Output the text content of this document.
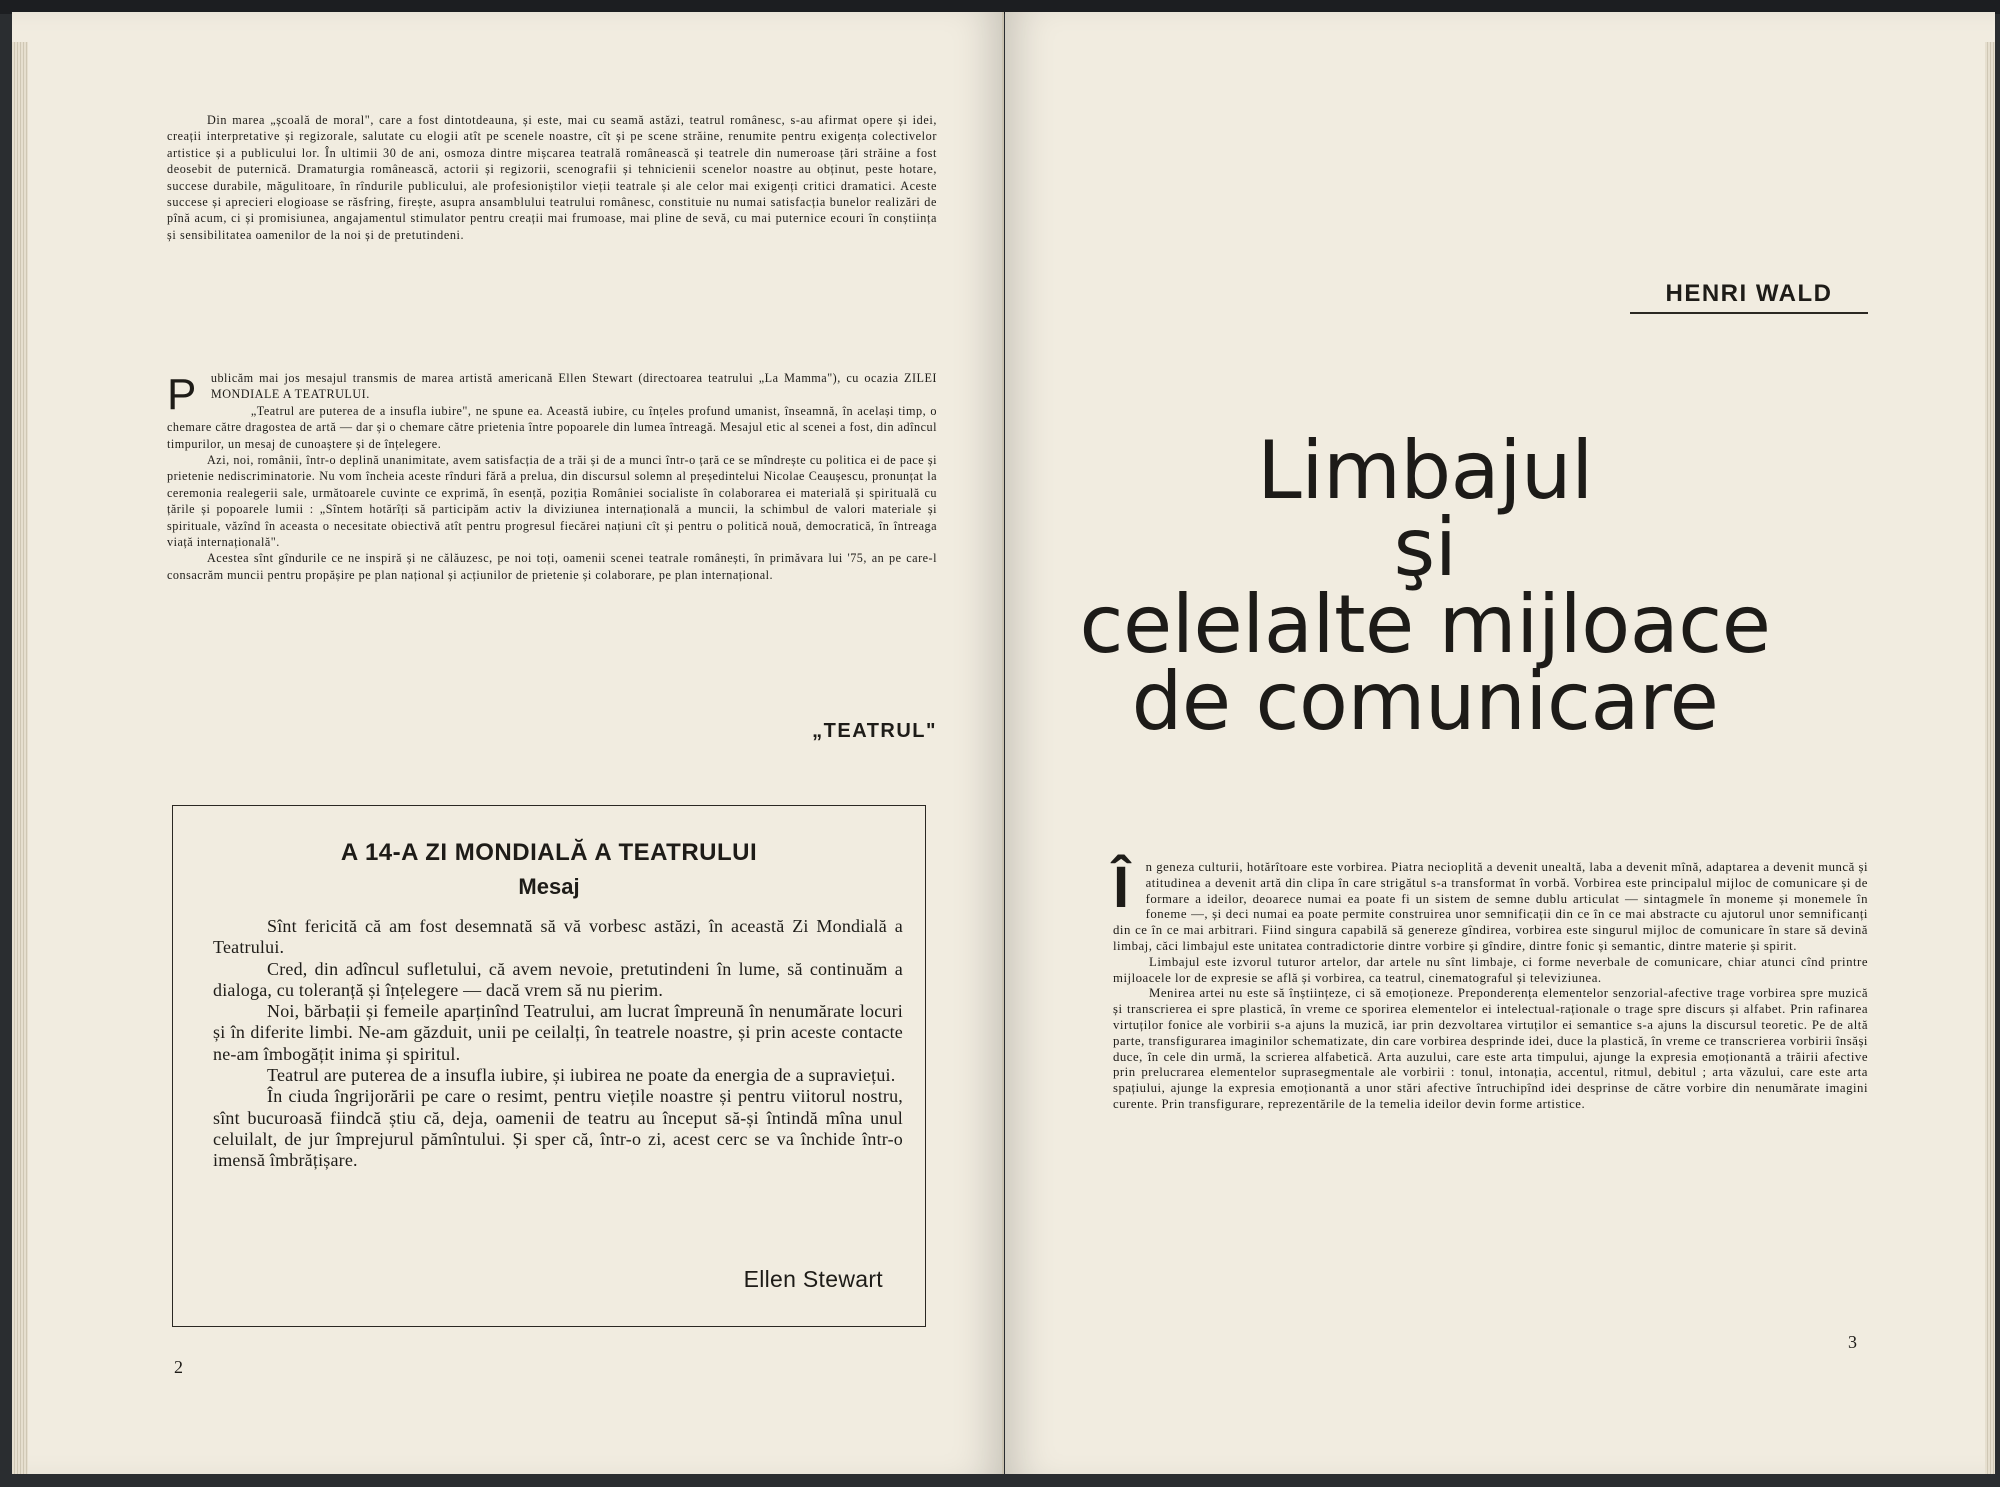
Din marea „școală de moral", care a fost dintotdeauna, și este, mai cu seamă astăzi, teatrul românesc, s-au afirmat opere și idei, creații interpretative și regizorale, salutate cu elogii atît pe scenele noastre, cît și pe scene străine, renumite pentru exigența colectivelor artistice și a publicului lor. În ultimii 30 de ani, osmoza dintre mișcarea teatrală românească și teatrele din numeroase țări străine a fost deosebit de puternică. Dramaturgia românească, actorii și regizorii, scenografii și tehnicienii scenelor noastre au obținut, peste hotare, succese durabile, măgulitoare, în rîndurile publicului, ale profesioniștilor vieții teatrale și ale celor mai exigenți critici dramatici. Aceste succese și aprecieri elogioase se răsfring, firește, asupra ansamblului teatrului românesc, constituie nu numai satisfacția bunelor realizări de pînă acum, ci și promisiunea, angajamentul stimulator pentru creații mai frumoase, mai pline de sevă, cu mai puternice ecouri în conștiința și sensibilitatea oamenilor de la noi și de pretutindeni.

P ublicăm mai jos mesajul transmis de marea artistă americană Ellen Stewart (directoarea teatrului „La Mamma"), cu ocazia ZILEI MONDIALE A TEATRULUI.

„Teatrul are puterea de a insufla iubire", ne spune ea. Această iubire, cu înțeles profund umanist, înseamnă, în același timp, o chemare către dragostea de artă — dar și o chemare către prietenia între popoarele din lumea întreagă. Mesajul etic al scenei a fost, din adîncul timpurilor, un mesaj de cunoaștere și de înțelegere.

Azi, noi, românii, într-o deplină unanimitate, avem satisfacția de a trăi și de a munci într-o țară ce se mîndrește cu politica ei de pace și prietenie nediscriminatorie. Nu vom încheia aceste rînduri fără a prelua, din discursul solemn al președintelui Nicolae Ceaușescu, pronunțat la ceremonia realegerii sale, următoarele cuvinte ce exprimă, în esență, poziția României socialiste în colaborarea ei materială și spirituală cu țările și popoarele lumii : „Sîntem hotărîți să participăm activ la diviziunea internațională a muncii, la schimbul de valori materiale și spirituale, văzînd în aceasta o necesitate obiectivă atît pentru progresul fiecărei națiuni cît și pentru o politică nouă, democratică, în întreaga viață internațională".

Acestea sînt gîndurile ce ne inspiră și ne călăuzesc, pe noi toți, oamenii scenei teatrale românești, în primăvara lui '75, an pe care-l consacrăm muncii pentru propășire pe plan național și acțiunilor de prietenie și colaborare, pe plan internațional.

„TEATRUL"
A 14-A ZI MONDIALĂ A TEATRULUI
Mesaj

Sînt fericită că am fost desemnată să vă vorbesc astăzi, în această Zi Mondială a Teatrului.

Cred, din adîncul sufletului, că avem nevoie, pretutindeni în lume, să continuăm a dialoga, cu toleranță și înțelegere — dacă vrem să nu pierim.

Noi, bărbații și femeile aparținînd Teatrului, am lucrat împreună în nenumărate locuri și în diferite limbi. Ne-am găzduit, unii pe ceilalți, în teatrele noastre, și prin aceste contacte ne-am îmbogățit inima și spiritul.

Teatrul are puterea de a insufla iubire, și iubirea ne poate da energia de a supraviețui.

În ciuda îngrijorării pe care o resimt, pentru viețile noastre și pentru viitorul nostru, sînt bucuroasă fiindcă știu că, deja, oamenii de teatru au început să-și întindă mîna unul celuilalt, de jur împrejurul pămîntului. Și sper că, într-o zi, acest cerc se va închide într-o imensă îmbrățișare.

Ellen Stewart
2
HENRI WALD
Limbajul
şi
celelalte mijloace
de comunicare

Î n geneza culturii, hotărîtoare este vorbirea. Piatra necioplită a devenit unealtă, laba a devenit mînă, adaptarea a devenit muncă și atitudinea a devenit artă din clipa în care strigătul s-a transformat în vorbă. Vorbirea este principalul mijloc de comunicare și de formare a ideilor, deoarece numai ea poate fi un sistem de semne dublu articulat — sintagmele în moneme și monemele în foneme —, și deci numai ea poate permite construirea unor semnificații din ce în ce mai abstracte cu ajutorul unor semnificanți din ce în ce mai arbitrari. Fiind singura capabilă să genereze gîndirea, vorbirea este singurul mijloc de comunicare în stare să devină limbaj, căci limbajul este unitatea contradictorie dintre vorbire și gîndire, dintre fonic și semantic, dintre materie și spirit.

Limbajul este izvorul tuturor artelor, dar artele nu sînt limbaje, ci forme neverbale de comunicare, chiar atunci cînd printre mijloacele lor de expresie se află și vorbirea, ca teatrul, cinematograful și televiziunea.

Menirea artei nu este să înștiințeze, ci să emoționeze. Preponderența elementelor senzorial-afective trage vorbirea spre muzică și transcrierea ei spre plastică, în vreme ce sporirea elementelor ei intelectual-raționale o trage spre discurs și alfabet. Prin rafinarea virtuților fonice ale vorbirii s-a ajuns la muzică, iar prin dezvoltarea virtuților ei semantice s-a ajuns la discursul teoretic. Pe de altă parte, transfigurarea imaginilor schematizate, din care vorbirea desprinde idei, duce la plastică, în vreme ce transcrierea vorbirii însăși duce, în cele din urmă, la scrierea alfabetică. Arta auzului, care este arta timpului, ajunge la expresia emoționantă a trăirii afective prin prelucrarea elementelor suprasegmentale ale vorbirii : tonul, intonația, accentul, ritmul, debitul ; arta văzului, care este arta spațiului, ajunge la expresia emoționantă a unor stări afective întruchipînd idei desprinse de către vorbire din nenumărate imagini curente. Prin transfigurare, reprezentările de la temelia ideilor devin forme artistice.

3
